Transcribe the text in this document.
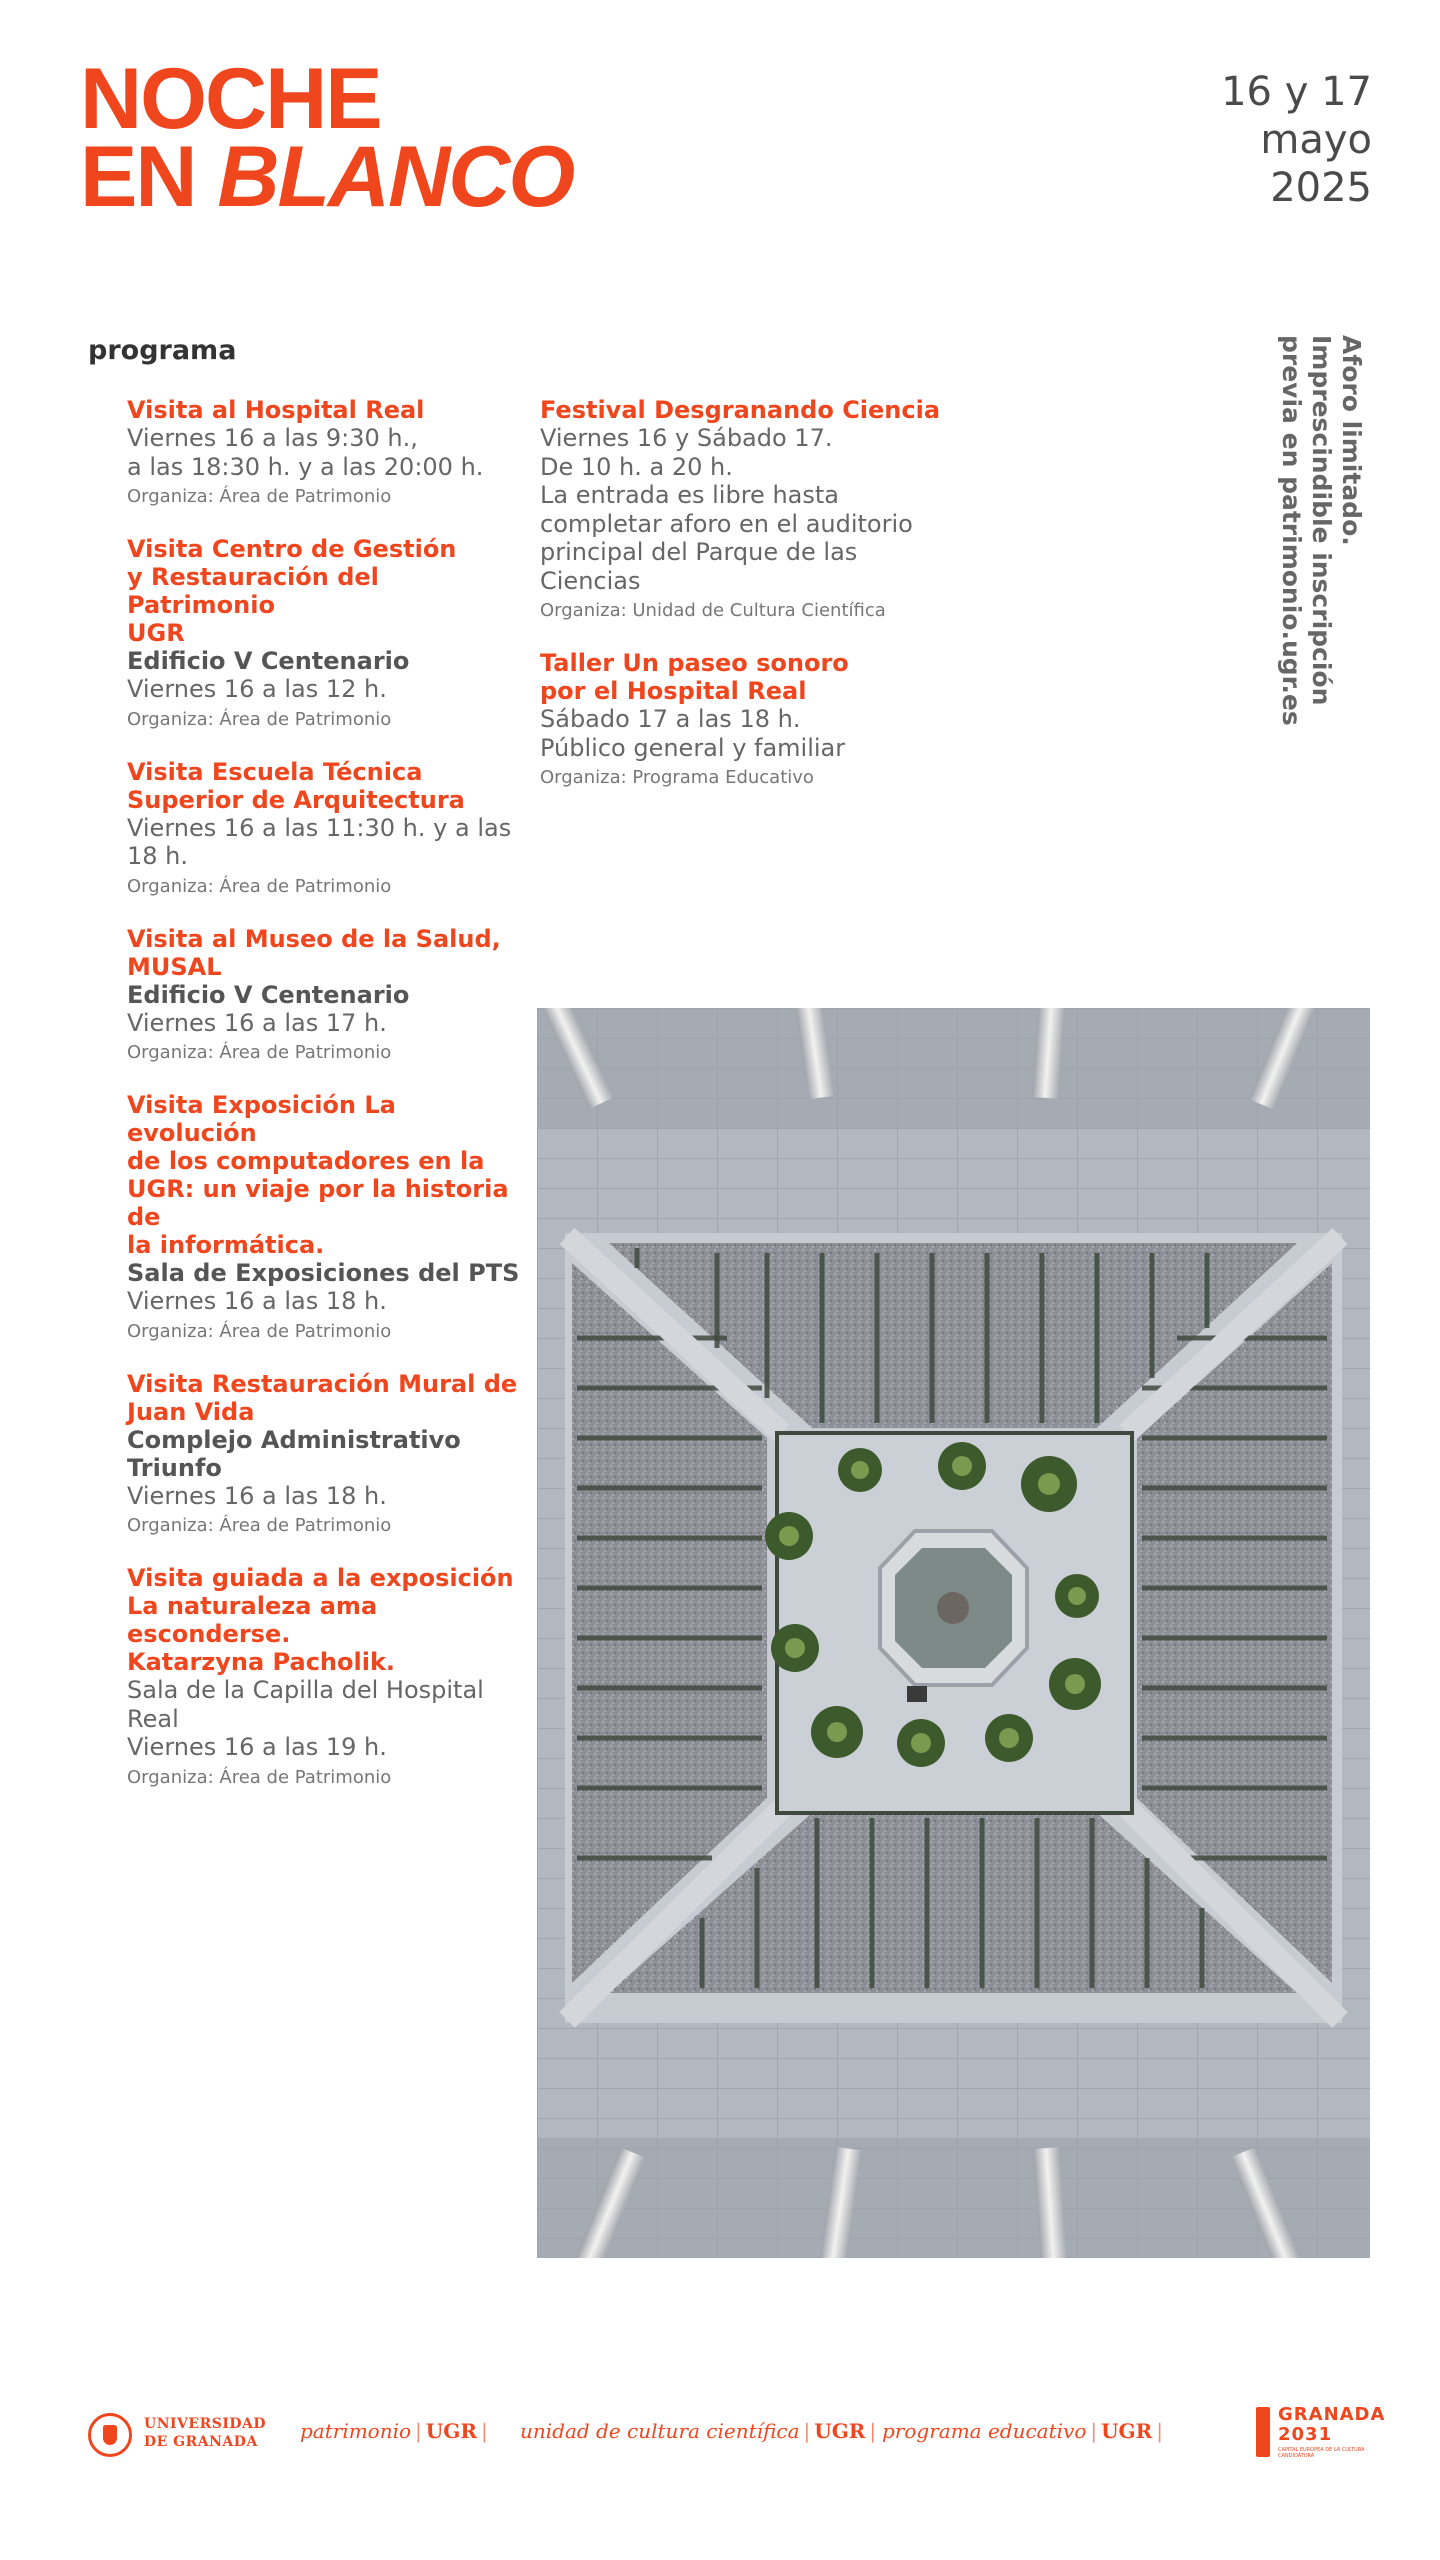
NOCHE
EN BLANCO
16 y 17
mayo
2025
programa	Aforo limitado.
Imprescindible inscripción
previa en patrimonio.ugr.es
Visita al Hospital Real
Viernes 16 a las 9:30 h.,
a las 18:30 h. y a las 20:00 h.
Organiza: Área de Patrimonio
Visita Centro de Gestión
y Restauración del Patrimonio
UGR
Edificio V Centenario
Viernes 16 a las 12 h.
Organiza: Área de Patrimonio
Visita Escuela Técnica
Superior de Arquitectura
Viernes 16 a las 11:30 h. y a las
18 h.
Organiza: Área de Patrimonio
Visita al Museo de la Salud,
MUSAL
Edificio V Centenario
Viernes 16 a las 17 h.
Organiza: Área de Patrimonio
Visita Exposición La evolución
de los computadores en la
UGR: un viaje por la historia de
la informática.
Sala de Exposiciones del PTS
Viernes 16 a las 18 h.
Organiza: Área de Patrimonio
Visita Restauración Mural de
Juan Vida
Complejo Administrativo
Triunfo
Viernes 16 a las 18 h.
Organiza: Área de Patrimonio
Visita guiada a la exposición
La naturaleza ama esconderse.
Katarzyna Pacholik.
Sala de la Capilla del Hospital
Real
Viernes 16 a las 19 h.
Organiza: Área de Patrimonio
Festival Desgranando Ciencia
Viernes 16 y Sábado 17.
De 10 h. a 20 h.
La entrada es libre hasta
completar aforo en el auditorio
principal del Parque de las
Ciencias
Organiza: Unidad de Cultura Científica
Taller Un paseo sonoro
por el Hospital Real
Sábado 17 a las 18 h.
Público general y familiar
Organiza: Programa Educativo
UNIVERSIDAD
DE GRANADA	patrimonio | UGR | unidad de cultura científica | UGR | programa educativo | UGR |
GRANADA
2031
CAPITAL EUROPEA DE LA CULTURA · CANDIDATURA
